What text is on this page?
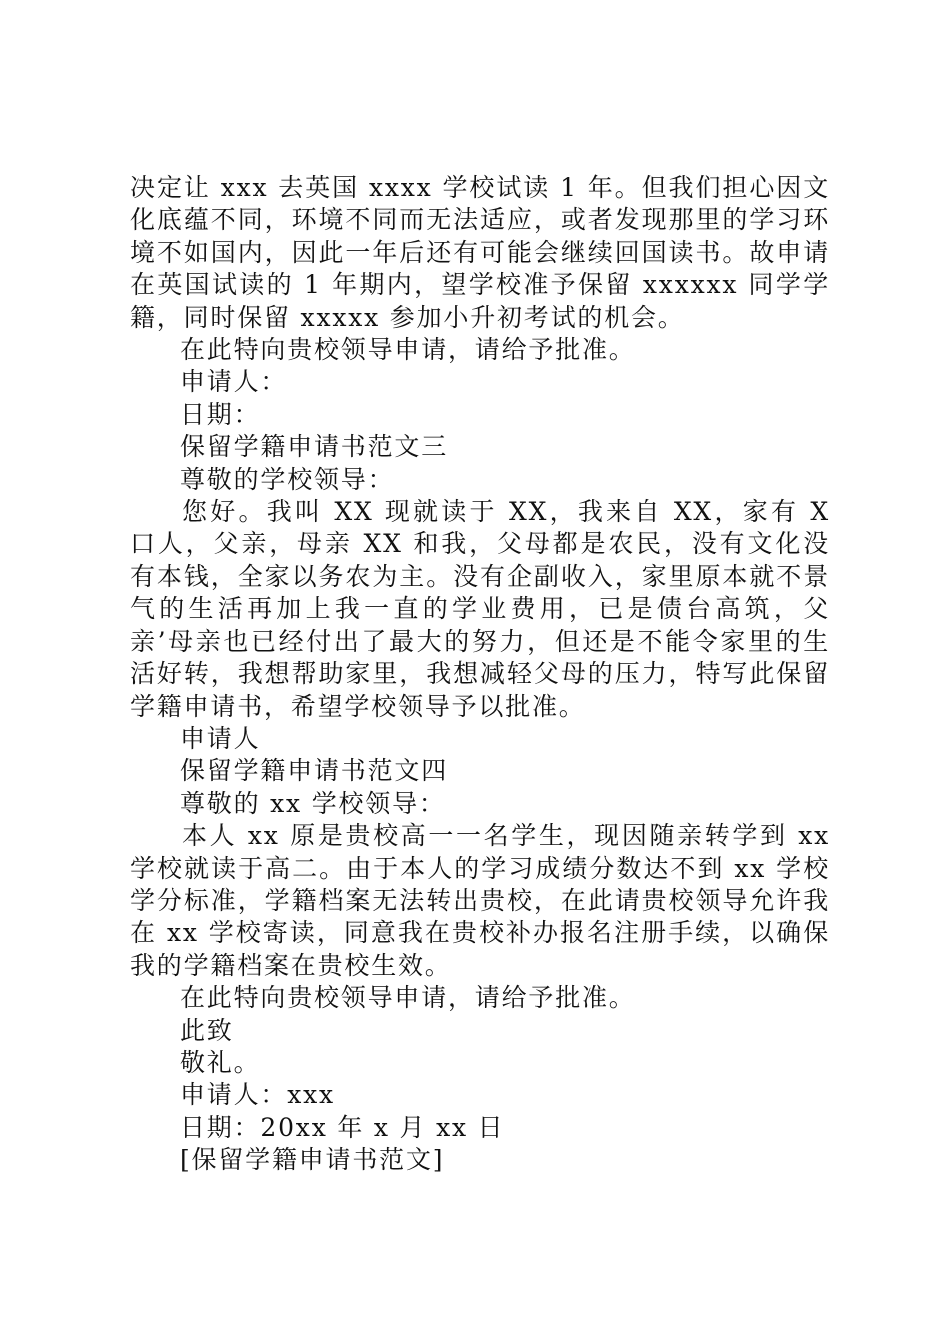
决定让 xxx 去英国 xxxx 学校试读 1 年。但我们担心因文化底蕴不同，环境不同而无法适应，或者发现那里的学习环境不如国内，因此一年后还有可能会继续回国读书。故申请在英国试读的 1 年期内，望学校准予保留 xxxxxx 同学学籍，同时保留 xxxxx 参加小升初考试的机会。

在此特向贵校领导申请，请给予批准。

申请人：

日期：

保留学籍申请书范文三

尊敬的学校领导：

您好。我叫 XX 现就读于 XX，我来自 XX，家有 X 口人，父亲，母亲 XX 和我，父母都是农民，没有文化没有本钱，全家以务农为主。没有企副收入，家里原本就不景气的生活再加上我一直的学业费用，已是债台高筑，父亲’母亲也已经付出了最大的努力，但还是不能令家里的生活好转，我想帮助家里，我想减轻父母的压力，特写此保留学籍申请书，希望学校领导予以批准。

申请人

保留学籍申请书范文四

尊敬的 xx 学校领导：

本人 xx 原是贵校高一一名学生，现因随亲转学到 xx 学校就读于高二。由于本人的学习成绩分数达不到 xx 学校学分标准，学籍档案无法转出贵校，在此请贵校领导允许我在 xx 学校寄读，同意我在贵校补办报名注册手续，以确保我的学籍档案在贵校生效。

在此特向贵校领导申请，请给予批准。

此致

敬礼。

申请人：xxx

日期：20xx 年 x 月 xx 日

[保留学籍申请书范文]
